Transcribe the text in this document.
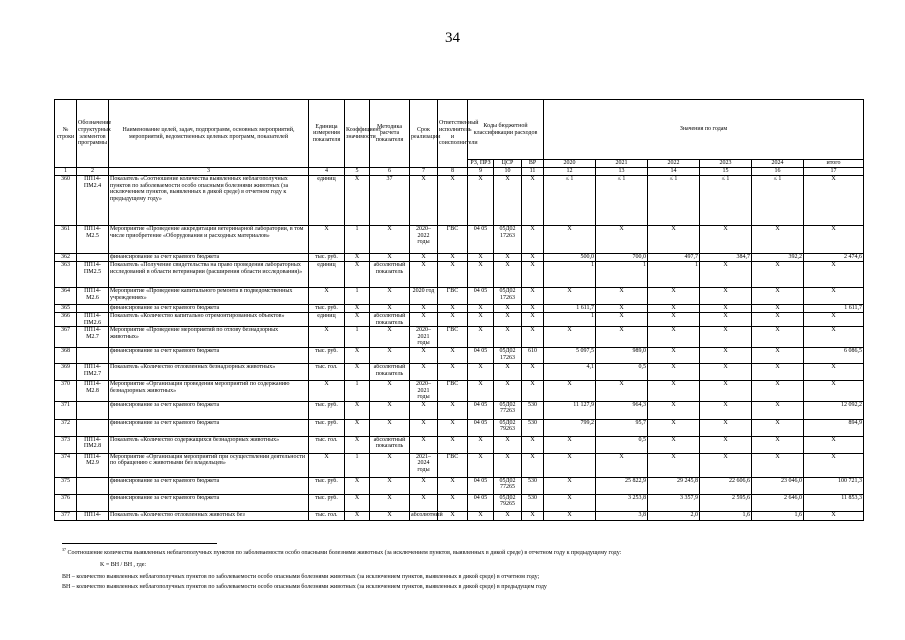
34
№ строки	Обозначение структурных элементов программы	Наименование целей, задач, подпрограмм, основных мероприятий, мероприятий, ведомственных целевых программ, показателей	Единица измерения показателя	Коэффициент значимости	Методика расчета показателя	Срок реализации	Ответственный исполнитель и соисполнители	Коды бюджетной классификации расходов			Значения по годам					
								РЗ, ПРЗ	ЦСР	ВР	2020	2021	2022	2023	2024	итого
1	2	3	4	5	6	7	8	9	10	11	12	13	14	15	16	17
360	ПП14-ПМ2.4	Показатель «Соотношение количества выявленных неблагополучных пунктов по заболеваемости особо опасными болезнями животных (за исключением пунктов, выявленных в дикой среде) в отчетном году к предыдущему году»	единиц	X	37	X	X	X	X	X	≤ 1	≤ 1	≤ 1	≤ 1	≤ 1	X
361	ПП14-М2.5	Мероприятие «Проведение аккредитации ветеринарной лаборатории, в том числе приобретение «Оборудования и расходных материалов»	X	1	X	2020–2022 годы	ГВС	04 05	05Д02 17263	X	X	X	X	X	X	X
362		финансирование за счет краевого бюджета	тыс. руб.	X	X	X	X	X	X	X	500,0	700,0	497,7	384,7	392,2	2 474,6
363	ПП14-ПМ2.5	Показатель «Получение свидетельства на право проведения лабораторных исследований в области ветеринарии (расширения области исследования)»	единиц	X	абсолютный показатель	X	X	X	X	X	1	1	1	X	X	X
364	ПП14-М2.6	Мероприятие «Проведение капитального ремонта в подведомственных учреждениях»	X	1	X	2020 год	ГВС	04 05	05Д02 17263	X	X	X	X	X	X	X
365		финансирование за счет краевого бюджета	тыс. руб.	X	X	X	X	X	X	X	1 611,7	X	X	X	X	1 611,7
366	ПП14-ПМ2.6	Показатель «Количество капитально отремонтированных объектов»	единиц	X	абсолютный показатель	X	X	X	X	X	1	X	X	X	X	X
367	ПП14-М2.7	Мероприятие «Проведение мероприятий по отлову безнадзорных животных»	X	1	X	2020–2021 годы	ГВС	X	X	X	X	X	X	X	X	X
368		финансирование за счет краевого бюджета	тыс. руб.	X	X	X	X	04 05	05Д02 17263	610	5 097,5	989,0	X	X	X	6 086,5
369	ПП14-ПМ2.7	Показатель «Количество отловленных безнадзорных животных»	тыс. гол.	X	абсолютный показатель	X	X	X	X	X	4,1	0,5	X	X	X	X
370	ПП14-М2.8	Мероприятие «Организация проведения мероприятий по содержанию безнадзорных животных»	X	1	X	2020–2021 годы	ГВС	X	X	X	X	X	X	X	X	X
371		финансирование за счет краевого бюджета	тыс. руб.	X	X	X	X	04 05	05Д02 77263	530	11 127,9	964,3	X	X	X	12 092,2
372		финансирование за счет краевого бюджета	тыс. руб.	X	X	X	X	04 05	05Д02 79263	530	799,2	95,7	X	X	X	894,9
373	ПП14-ПМ2.8	Показатель «Количество содержащихся безнадзорных животных»	тыс. гол.	X	абсолютный показатель	X	X	X	X	X	X	0,5	X	X	X	X
374	ПП14-М2.9	Мероприятие «Организация мероприятий при осуществлении деятельности по обращению с животными без владельцев»	X	1	X	2021–2024 годы	ГВС	X	X	X	X	X	X	X	X	X
375		финансирование за счет краевого бюджета	тыс. руб.	X	X	X	X	04 05	05Д02 77265	530	X	25 822,9	29 245,8	22 606,6	23 046,0	100 721,3
376		финансирование за счет краевого бюджета	тыс. руб.	X	X	X	X	04 05	05Д02 79265	530	X	3 253,8	3 357,9	2 595,6	2 646,0	11 853,3
377	ПП14-	Показатель «Количество отловленных животных без	тыс. гол.	X	X	абсолютный	X	X	X	X	X	3,8	2,0	1,6	1,6	X
$^{37}$ Соотношение количества выявленных неблагополучных пунктов по заболеваемости особо опасными болезнями животных (за исключением пунктов, выявленных в дикой среде) в отчетном году к предыдущему году:
K = ВН / ВН , где:
ВН – количество выявленных неблагополучных пунктов по заболеваемости особо опасными болезнями животных (за исключением пунктов, выявленных в дикой среде) в отчетном году;
ВН – количество выявленных неблагополучных пунктов по заболеваемости особо опасными болезнями животных (за исключением пунктов, выявленных в дикой среде) в предыдущем году
